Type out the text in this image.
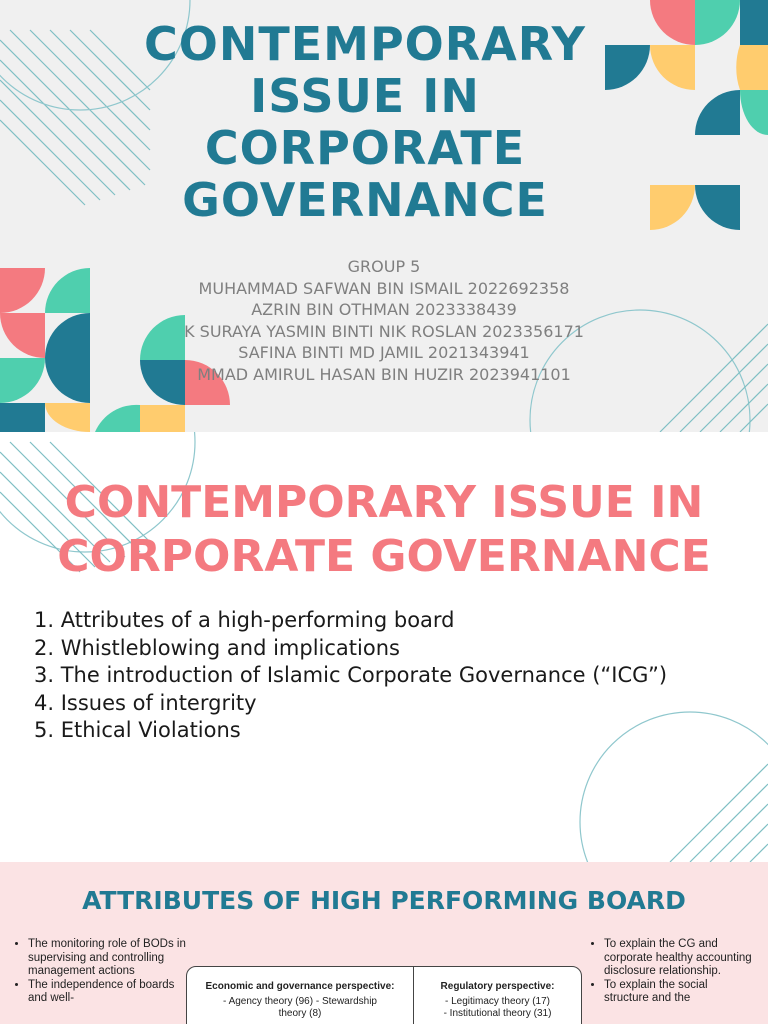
CONTEMPORARY
ISSUE IN
CORPORATE
GOVERNANCE
GROUP 5
MUHAMMAD SAFWAN BIN ISMAIL 2022692358
AZRIN BIN OTHMAN 2023338439
K SURAYA YASMIN BINTI NIK ROSLAN 2023356171
SAFINA BINTI MD JAMIL 2021343941
MMAD AMIRUL HASAN BIN HUZIR 2023941101
CONTEMPORARY ISSUE IN
CORPORATE GOVERNANCE
1. Attributes of a high-performing board
2. Whistleblowing and implications
3. The introduction of Islamic Corporate Governance (“ICG”)
4. Issues of intergrity
5. Ethical Violations
ATTRIBUTES OF HIGH PERFORMING BOARD
• The monitoring role of BODs in supervising and controlling management actions
• The independence of boards and well-
Economic and governance perspective:

- Agency theory (96) - Stewardship

theory (8)

Regulatory perspective:

- Legitimacy theory (17)

- Institutional theory (31)

• To explain the CG and corporate healthy accounting disclosure relationship.
• To explain the social structure and the
